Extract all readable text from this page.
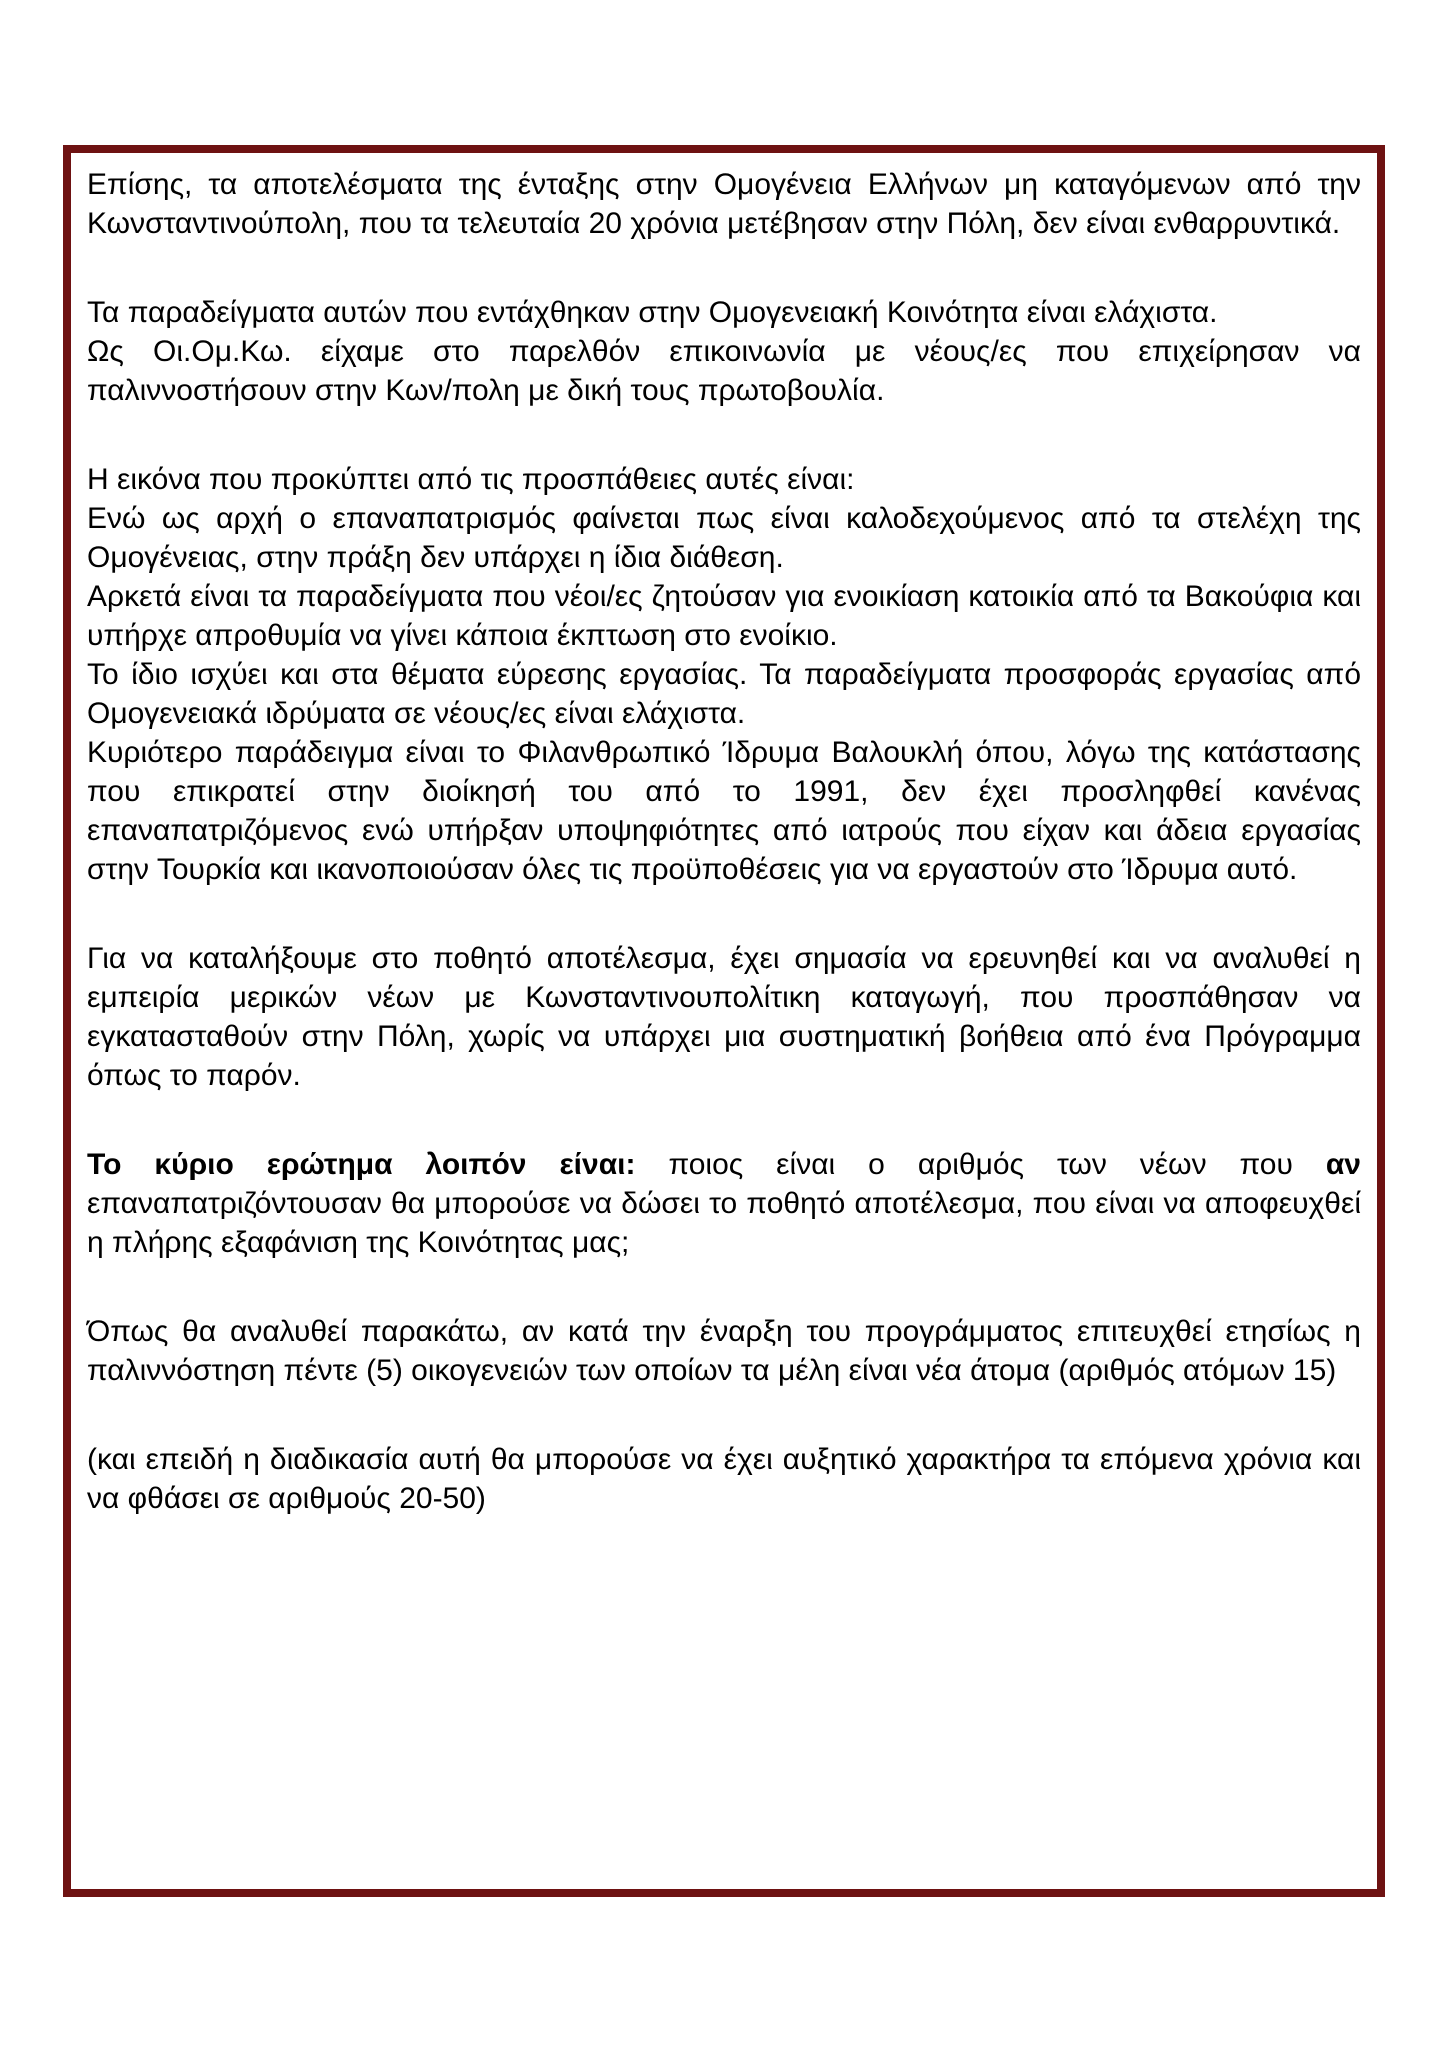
Επίσης, τα αποτελέσματα της ένταξης στην Ομογένεια Ελλήνων μη καταγόμενων από την Κωνσταντινούπολη, που τα τελευταία 20 χρόνια μετέβησαν στην Πόλη, δεν είναι ενθαρρυντικά.

Τα παραδείγματα αυτών που εντάχθηκαν στην Ομογενειακή Κοινότητα είναι ελάχιστα.

Ως Οι.Ομ.Κω. είχαμε στο παρελθόν επικοινωνία με νέους/ες που επιχείρησαν να παλιννοστήσουν στην Κων/πολη με δική τους πρωτοβουλία.

Η εικόνα που προκύπτει από τις προσπάθειες αυτές είναι:

Ενώ ως αρχή ο επαναπατρισμός φαίνεται πως είναι καλοδεχούμενος από τα στελέχη της Ομογένειας, στην πράξη δεν υπάρχει η ίδια διάθεση.

Αρκετά είναι τα παραδείγματα που νέοι/ες ζητούσαν για ενοικίαση κατοικία από τα Βακούφια και υπήρχε απροθυμία να γίνει κάποια έκπτωση στο ενοίκιο.

Το ίδιο ισχύει και στα θέματα εύρεσης εργασίας. Τα παραδείγματα προσφοράς εργασίας από Ομογενειακά ιδρύματα σε νέους/ες είναι ελάχιστα.

Κυριότερο παράδειγμα είναι το Φιλανθρωπικό Ίδρυμα Βαλουκλή όπου, λόγω της κατάστασης που επικρατεί στην διοίκησή του από το 1991, δεν έχει προσληφθεί κανένας επαναπατριζόμενος ενώ υπήρξαν υποψηφιότητες από ιατρούς που είχαν και άδεια εργασίας στην Τουρκία και ικανοποιούσαν όλες τις προϋποθέσεις για να εργαστούν στο Ίδρυμα αυτό.

Για να καταλήξουμε στο ποθητό αποτέλεσμα, έχει σημασία να ερευνηθεί και να αναλυθεί η εμπειρία μερικών νέων με Κωνσταντινουπολίτικη καταγωγή, που προσπάθησαν να εγκατασταθούν στην Πόλη, χωρίς να υπάρχει μια συστηματική βοήθεια από ένα Πρόγραμμα όπως το παρόν.

Το κύριο ερώτημα λοιπόν είναι: ποιος είναι ο αριθμός των νέων που αν επαναπατριζόντουσαν θα μπορούσε να δώσει το ποθητό αποτέλεσμα, που είναι να αποφευχθεί η πλήρης εξαφάνιση της Κοινότητας μας;

Όπως θα αναλυθεί παρακάτω, αν κατά την έναρξη του προγράμματος επιτευχθεί ετησίως η παλιννόστηση πέντε (5) οικογενειών των οποίων τα μέλη είναι νέα άτομα (αριθμός ατόμων 15)

(και επειδή η διαδικασία αυτή θα μπορούσε να έχει αυξητικό χαρακτήρα τα επόμενα χρόνια και να φθάσει σε αριθμούς 20-50)
